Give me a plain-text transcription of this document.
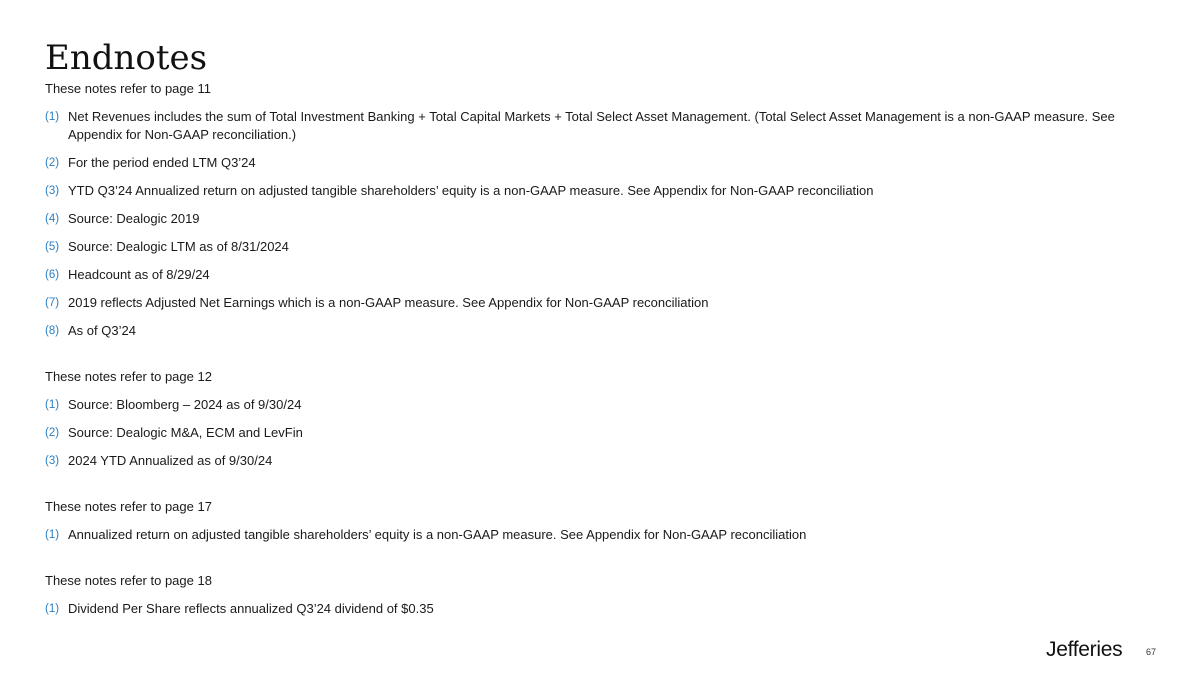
Endnotes
These notes refer to page 11
(1) Net Revenues includes the sum of Total Investment Banking + Total Capital Markets + Total Select Asset Management. (Total Select Asset Management is a non-GAAP measure. See Appendix for Non-GAAP reconciliation.)
(2) For the period ended LTM Q3’24
(3) YTD Q3’24 Annualized return on adjusted tangible shareholders’ equity is a non-GAAP measure. See Appendix for Non-GAAP reconciliation
(4) Source: Dealogic 2019
(5) Source: Dealogic LTM as of 8/31/2024
(6) Headcount as of 8/29/24
(7) 2019 reflects Adjusted Net Earnings which is a non-GAAP measure. See Appendix for Non-GAAP reconciliation
(8) As of Q3’24
These notes refer to page 12
(1) Source: Bloomberg – 2024 as of 9/30/24
(2) Source: Dealogic M&A, ECM and LevFin
(3) 2024 YTD Annualized as of 9/30/24
These notes refer to page 17
(1) Annualized return on adjusted tangible shareholders’ equity is a non-GAAP measure. See Appendix for Non-GAAP reconciliation
These notes refer to page 18
(1) Dividend Per Share reflects annualized Q3’24 dividend of $0.35
Jefferies	67
